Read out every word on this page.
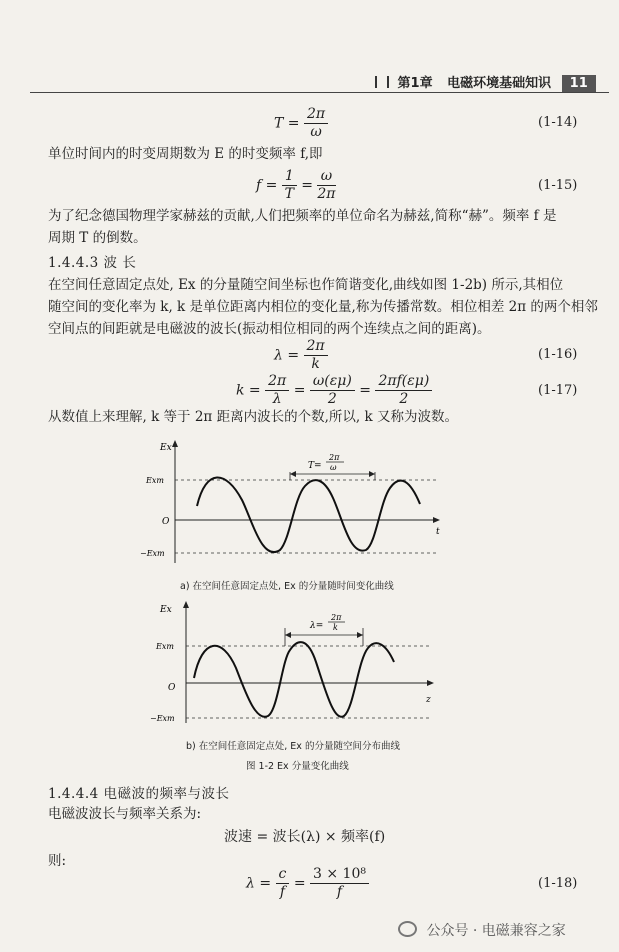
第1章 电磁环境基础知识 11
$T = \frac{2\pi}{\omega}$	(1-14)
单位时间内的时变周期数为 E 的时变频率 f,即
$f = \frac{1}{T} = \frac{\omega}{2\pi}$	(1-15)
为了纪念德国物理学家赫兹的贡献,人们把频率的单位命名为赫兹,简称“赫”。频率 f 是
周期 T 的倒数。
1.4.4.3 波 长
在空间任意固定点处, Ex 的分量随空间坐标也作简谐变化,曲线如图 1-2b) 所示,其相位
随空间的变化率为 k, k 是单位距离内相位的变化量,称为传播常数。相位相差 2π 的两个相邻
空间点的间距就是电磁波的波长(振动相位相同的两个连续点之间的距离)。
$\lambda = \frac{2\pi}{k}$	(1-16)
$k = \frac{2\pi}{\lambda} = \frac{\omega(\varepsilon\mu)}{2} = \frac{2\pi f(\varepsilon\mu)}{2}$	(1-17)
从数值上来理解, k 等于 2π 距离内波长的个数,所以, k 又称为波数。
Ex
Exm
O
−Exm
t
T=
2π
ω
a) 在空间任意固定点处, Ex 的分量随时间变化曲线
Ex
Exm
O
−Exm
z
λ=
2π
k
b) 在空间任意固定点处, Ex 的分量随空间分布曲线
图 1-2 Ex 分量变化曲线
1.4.4.4 电磁波的频率与波长
电磁波波长与频率关系为:
波速 = 波长(λ) × 频率(f)
则:
$\lambda = \frac{c}{f} = \frac{\text{3 × 10⁸}}{f}$	(1-18)
公众号 · 电磁兼容之家
